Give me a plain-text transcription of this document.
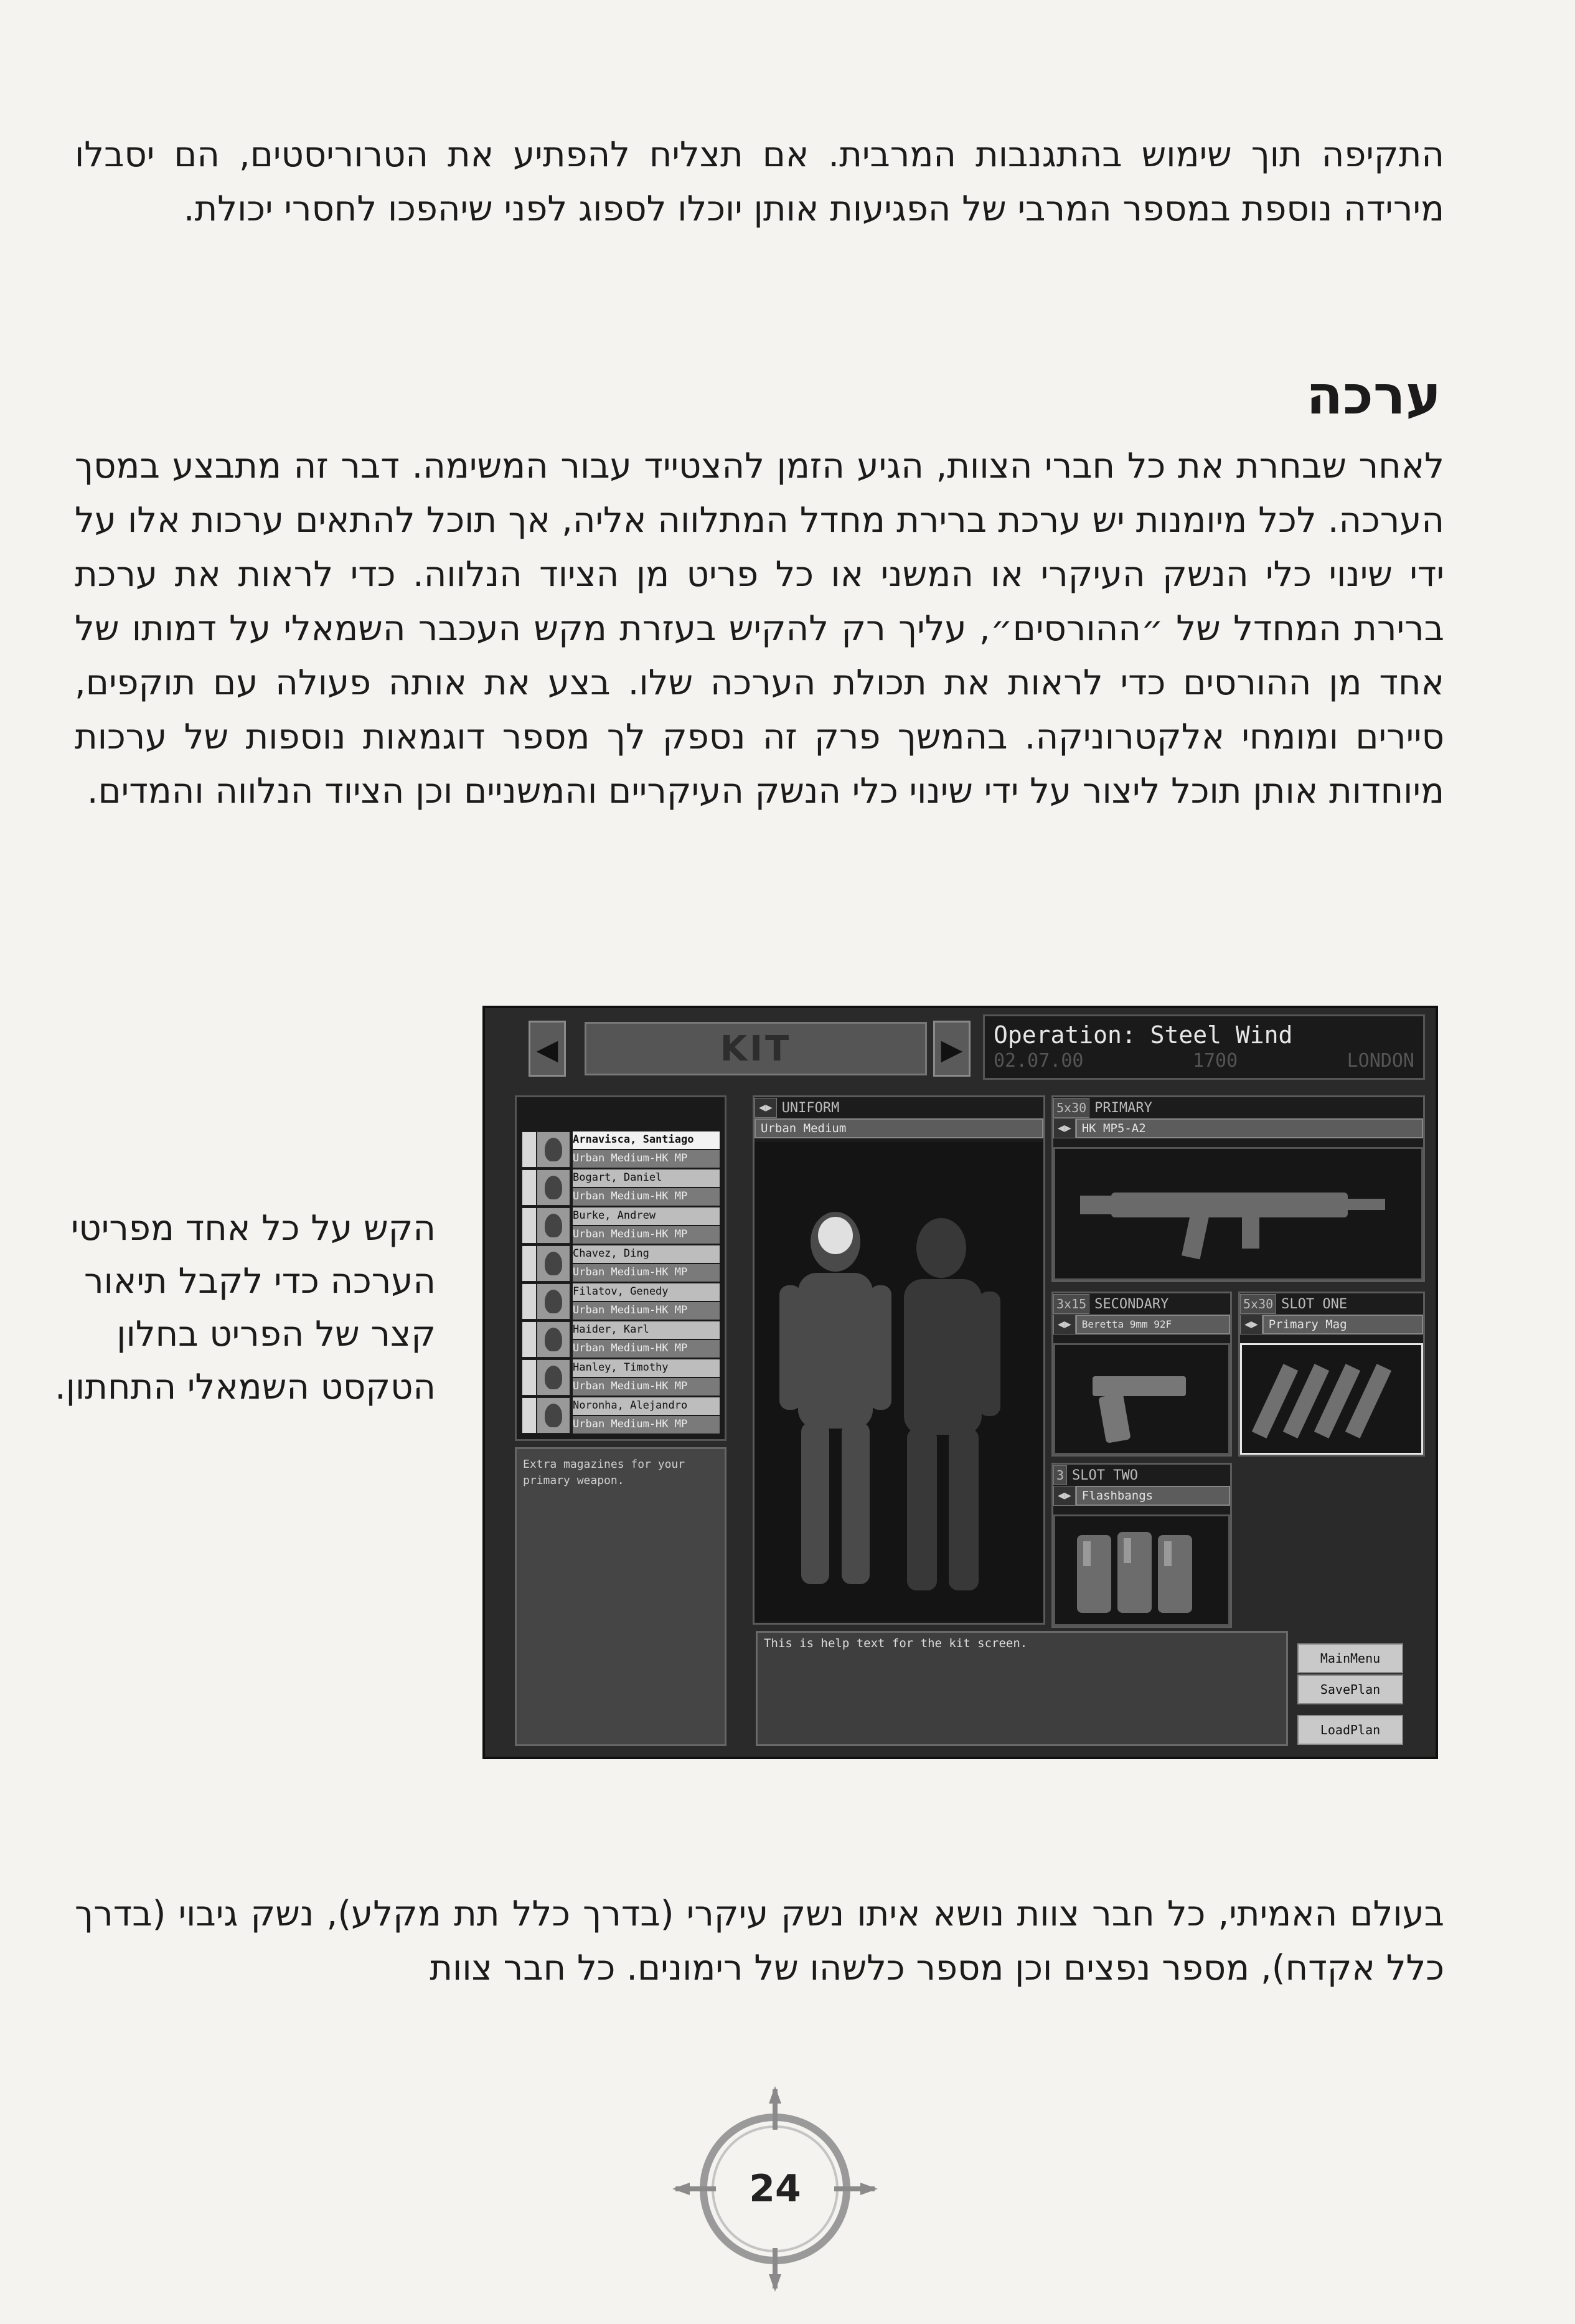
התקיפה תוך שימוש בהתגנבות המרבית. אם תצליח להפתיע את הטרוריסטים, הם יסבלו מירידה נוספת במספר המרבי של הפגיעות אותן יוכלו לספוג לפני שיהפכו לחסרי יכולת.
ערכה
לאחר שבחרת את כל חברי הצוות, הגיע הזמן להצטייד עבור המשימה. דבר זה מתבצע במסך הערכה. לכל מיומנות יש ערכת ברירת מחדל המתלווה אליה, אך תוכל להתאים ערכות אלו על ידי שינוי כלי הנשק העיקרי או המשני או כל פריט מן הציוד הנלווה. כדי לראות את ערכת ברירת המחדל של ״ההורסים״, עליך רק להקיש בעזרת מקש העכבר השמאלי על דמותו של אחד מן ההורסים כדי לראות את תכולת הערכה שלו. בצע את אותה פעולה עם תוקפים, סיירים ומומחי אלקטרוניקה. בהמשך פרק זה נספק לך מספר דוגמאות נוספות של ערכות מיוחדות אותן תוכל ליצור על ידי שינוי כלי הנשק העיקריים והמשניים וכן הציוד הנלווה והמדים.
הקש על כל אחד מפריטי הערכה כדי לקבל תיאור קצר של הפריט בחלון הטקסט השמאלי התחתון.
בעולם האמיתי, כל חבר צוות נושא איתו נשק עיקרי (בדרך כלל תת מקלע), נשק גיבוי (בדרך כלל אקדח), מספר נפצים וכן מספר כלשהו של רימונים. כל חבר צוות
◀	KIT	▶	Operation: Steel Wind
02.07.00	1700	LONDON
Arnavisca, Santiago
Urban Medium-HK MP
Bogart, Daniel
Urban Medium-HK MP
Burke, Andrew
Urban Medium-HK MP
Chavez, Ding
Urban Medium-HK MP
Filatov, Genedy
Urban Medium-HK MP
Haider, Karl
Urban Medium-HK MP
Hanley, Timothy
Urban Medium-HK MP
Noronha, Alejandro
Urban Medium-HK MP
Extra magazines for your primary weapon.
◀▶ UNIFORM
Urban Medium
5x30 PRIMARY
◀▶ HK MP5-A2
3x15 SECONDARY
◀▶	Beretta 9mm 92F
5x30 SLOT ONE
◀▶ Primary Mag
3 SLOT TWO
◀▶ Flashbangs
This is help text for the kit screen.
MainMenu
SavePlan
LoadPlan
24
